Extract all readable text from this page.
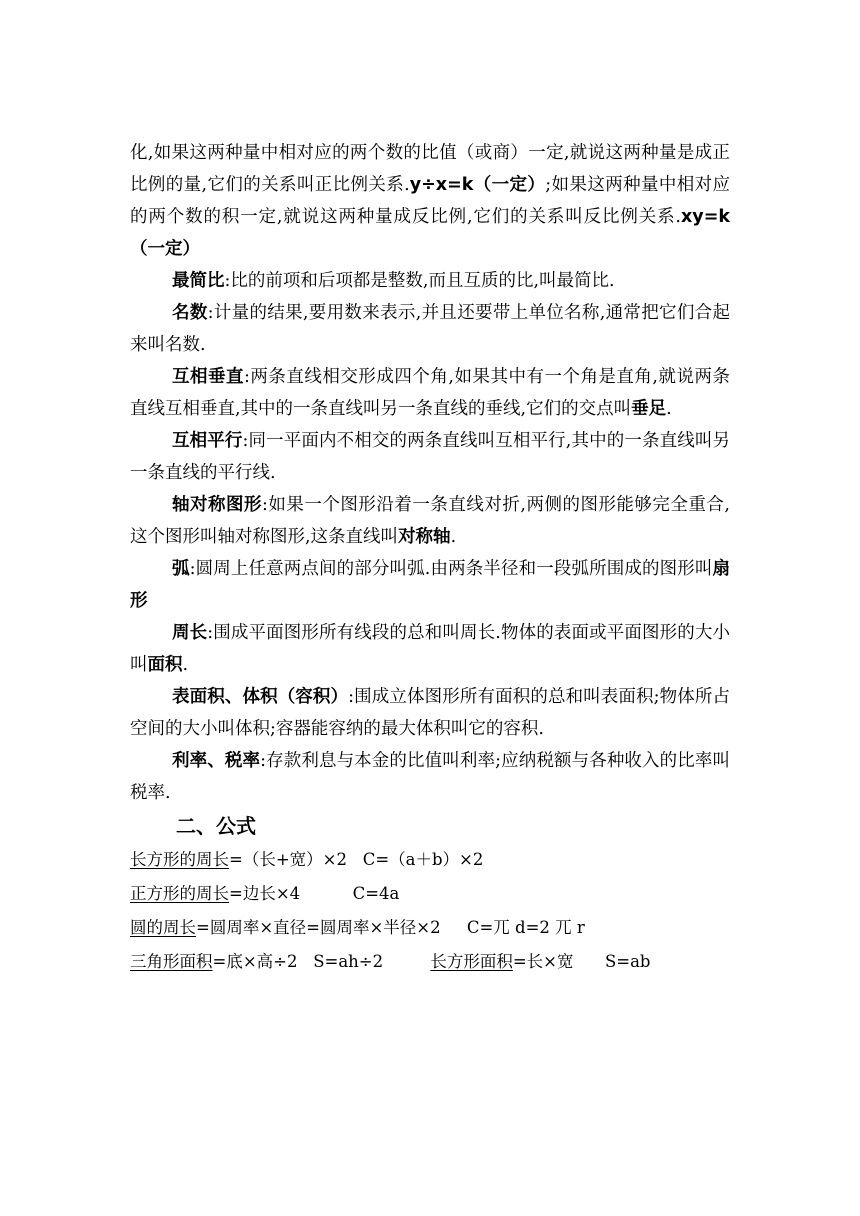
化,如果这两种量中相对应的两个数的比值（或商）一定,就说这两种量是成正比例的量,它们的关系叫正比例关系.y÷x=k（一定）;如果这两种量中相对应的两个数的积一定,就说这两种量成反比例,它们的关系叫反比例关系.xy=k（一定）

最简比:比的前项和后项都是整数,而且互质的比,叫最简比.

名数:计量的结果,要用数来表示,并且还要带上单位名称,通常把它们合起来叫名数.

互相垂直:两条直线相交形成四个角,如果其中有一个角是直角,就说两条直线互相垂直,其中的一条直线叫另一条直线的垂线,它们的交点叫垂足.

互相平行:同一平面内不相交的两条直线叫互相平行,其中的一条直线叫另一条直线的平行线.

轴对称图形:如果一个图形沿着一条直线对折,两侧的图形能够完全重合,这个图形叫轴对称图形,这条直线叫对称轴.

弧:圆周上任意两点间的部分叫弧.由两条半径和一段弧所围成的图形叫扇形

周长:围成平面图形所有线段的总和叫周长.物体的表面或平面图形的大小叫面积.

表面积、体积（容积）:围成立体图形所有面积的总和叫表面积;物体所占空间的大小叫体积;容器能容纳的最大体积叫它的容积.

利率、税率:存款利息与本金的比值叫利率;应纳税额与各种收入的比率叫税率.

二、公式

长方形的周长=（长+宽）×2   C=（a＋b）×2

正方形的周长=边长×4          C=4a

圆的周长=圆周率×直径=圆周率×半径×2     C=兀 d=2 兀 r

三角形面积=底×高÷2   S=ah÷2         长方形面积=长×宽      S=ab
